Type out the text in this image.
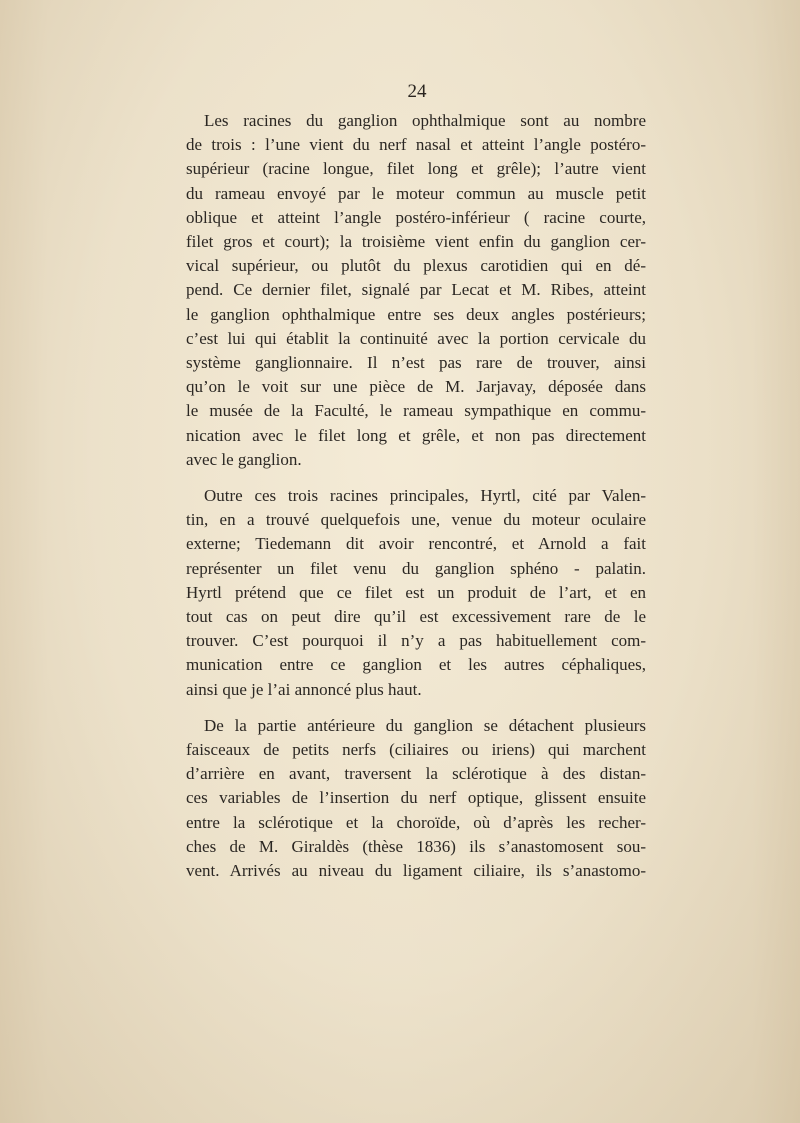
24

Les racines du ganglion ophthalmique sont au nombre
de trois : l’une vient du nerf nasal et atteint l’angle postéro-
supérieur (racine longue, filet long et grêle); l’autre vient
du rameau envoyé par le moteur commun au muscle petit
oblique et atteint l’angle postéro-inférieur ( racine courte,
filet gros et court); la troisième vient enfin du ganglion cer-
vical supérieur, ou plutôt du plexus carotidien qui en dé-
pend. Ce dernier filet, signalé par Lecat et M. Ribes, atteint
le ganglion ophthalmique entre ses deux angles postérieurs;
c’est lui qui établit la continuité avec la portion cervicale du
système ganglionnaire. Il n’est pas rare de trouver, ainsi
qu’on le voit sur une pièce de M. Jarjavay, déposée dans
le musée de la Faculté, le rameau sympathique en commu-
nication avec le filet long et grêle, et non pas directement
avec le ganglion.

Outre ces trois racines principales, Hyrtl, cité par Valen-
tin, en a trouvé quelquefois une, venue du moteur oculaire
externe; Tiedemann dit avoir rencontré, et Arnold a fait
représenter un filet venu du ganglion sphéno - palatin.
Hyrtl prétend que ce filet est un produit de l’art, et en
tout cas on peut dire qu’il est excessivement rare de le
trouver. C’est pourquoi il n’y a pas habituellement com-
munication entre ce ganglion et les autres céphaliques,
ainsi que je l’ai annoncé plus haut.

De la partie antérieure du ganglion se détachent plusieurs
faisceaux de petits nerfs (ciliaires ou iriens) qui marchent
d’arrière en avant, traversent la sclérotique à des distan-
ces variables de l’insertion du nerf optique, glissent ensuite
entre la sclérotique et la choroïde, où d’après les recher-
ches de M. Giraldès (thèse 1836) ils s’anastomosent sou-
vent. Arrivés au niveau du ligament ciliaire, ils s’anastomo-
